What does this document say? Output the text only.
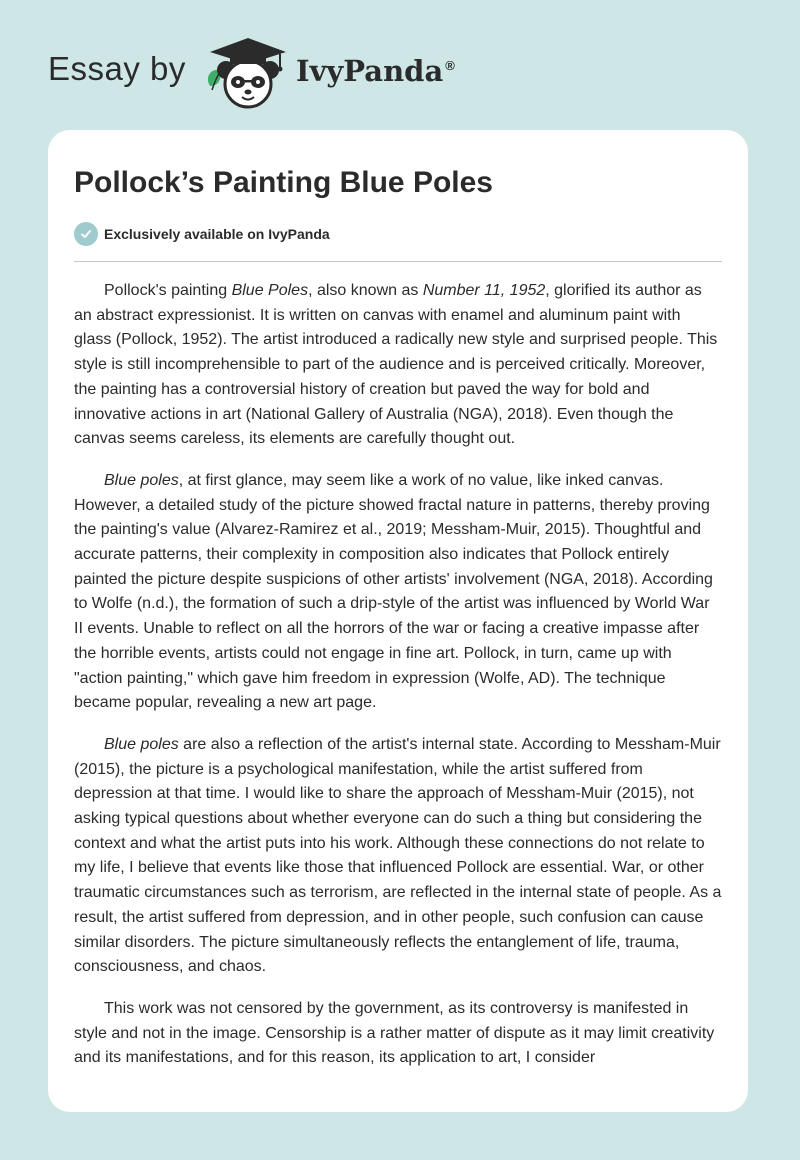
Essay by	IvyPanda ®
Pollock’s Painting Blue Poles
Exclusively available on IvyPanda

Pollock's painting Blue Poles, also known as Number 11, 1952, glorified its author as an abstract expressionist. It is written on canvas with enamel and aluminum paint with glass (Pollock, 1952). The artist introduced a radically new style and surprised people. This style is still incomprehensible to part of the audience and is perceived critically. Moreover, the painting has a controversial history of creation but paved the way for bold and innovative actions in art (National Gallery of Australia (NGA), 2018). Even though the canvas seems careless, its elements are carefully thought out.

Blue poles, at first glance, may seem like a work of no value, like inked canvas. However, a detailed study of the picture showed fractal nature in patterns, thereby proving the painting's value (Alvarez-Ramirez et al., 2019; Messham-Muir, 2015). Thoughtful and accurate patterns, their complexity in composition also indicates that Pollock entirely painted the picture despite suspicions of other artists' involvement (NGA, 2018). According to Wolfe (n.d.), the formation of such a drip-style of the artist was influenced by World War II events. Unable to reflect on all the horrors of the war or facing a creative impasse after the horrible events, artists could not engage in fine art. Pollock, in turn, came up with "action painting," which gave him freedom in expression (Wolfe, AD). The technique became popular, revealing a new art page.

Blue poles are also a reflection of the artist's internal state. According to Messham-Muir (2015), the picture is a psychological manifestation, while the artist suffered from depression at that time. I would like to share the approach of Messham-Muir (2015), not asking typical questions about whether everyone can do such a thing but considering the context and what the artist puts into his work. Although these connections do not relate to my life, I believe that events like those that influenced Pollock are essential. War, or other traumatic circumstances such as terrorism, are reflected in the internal state of people. As a result, the artist suffered from depression, and in other people, such confusion can cause similar disorders. The picture simultaneously reflects the entanglement of life, trauma, consciousness, and chaos.

This work was not censored by the government, as its controversy is manifested in style and not in the image. Censorship is a rather matter of dispute as it may limit creativity and its manifestations, and for this reason, its application to art, I consider
